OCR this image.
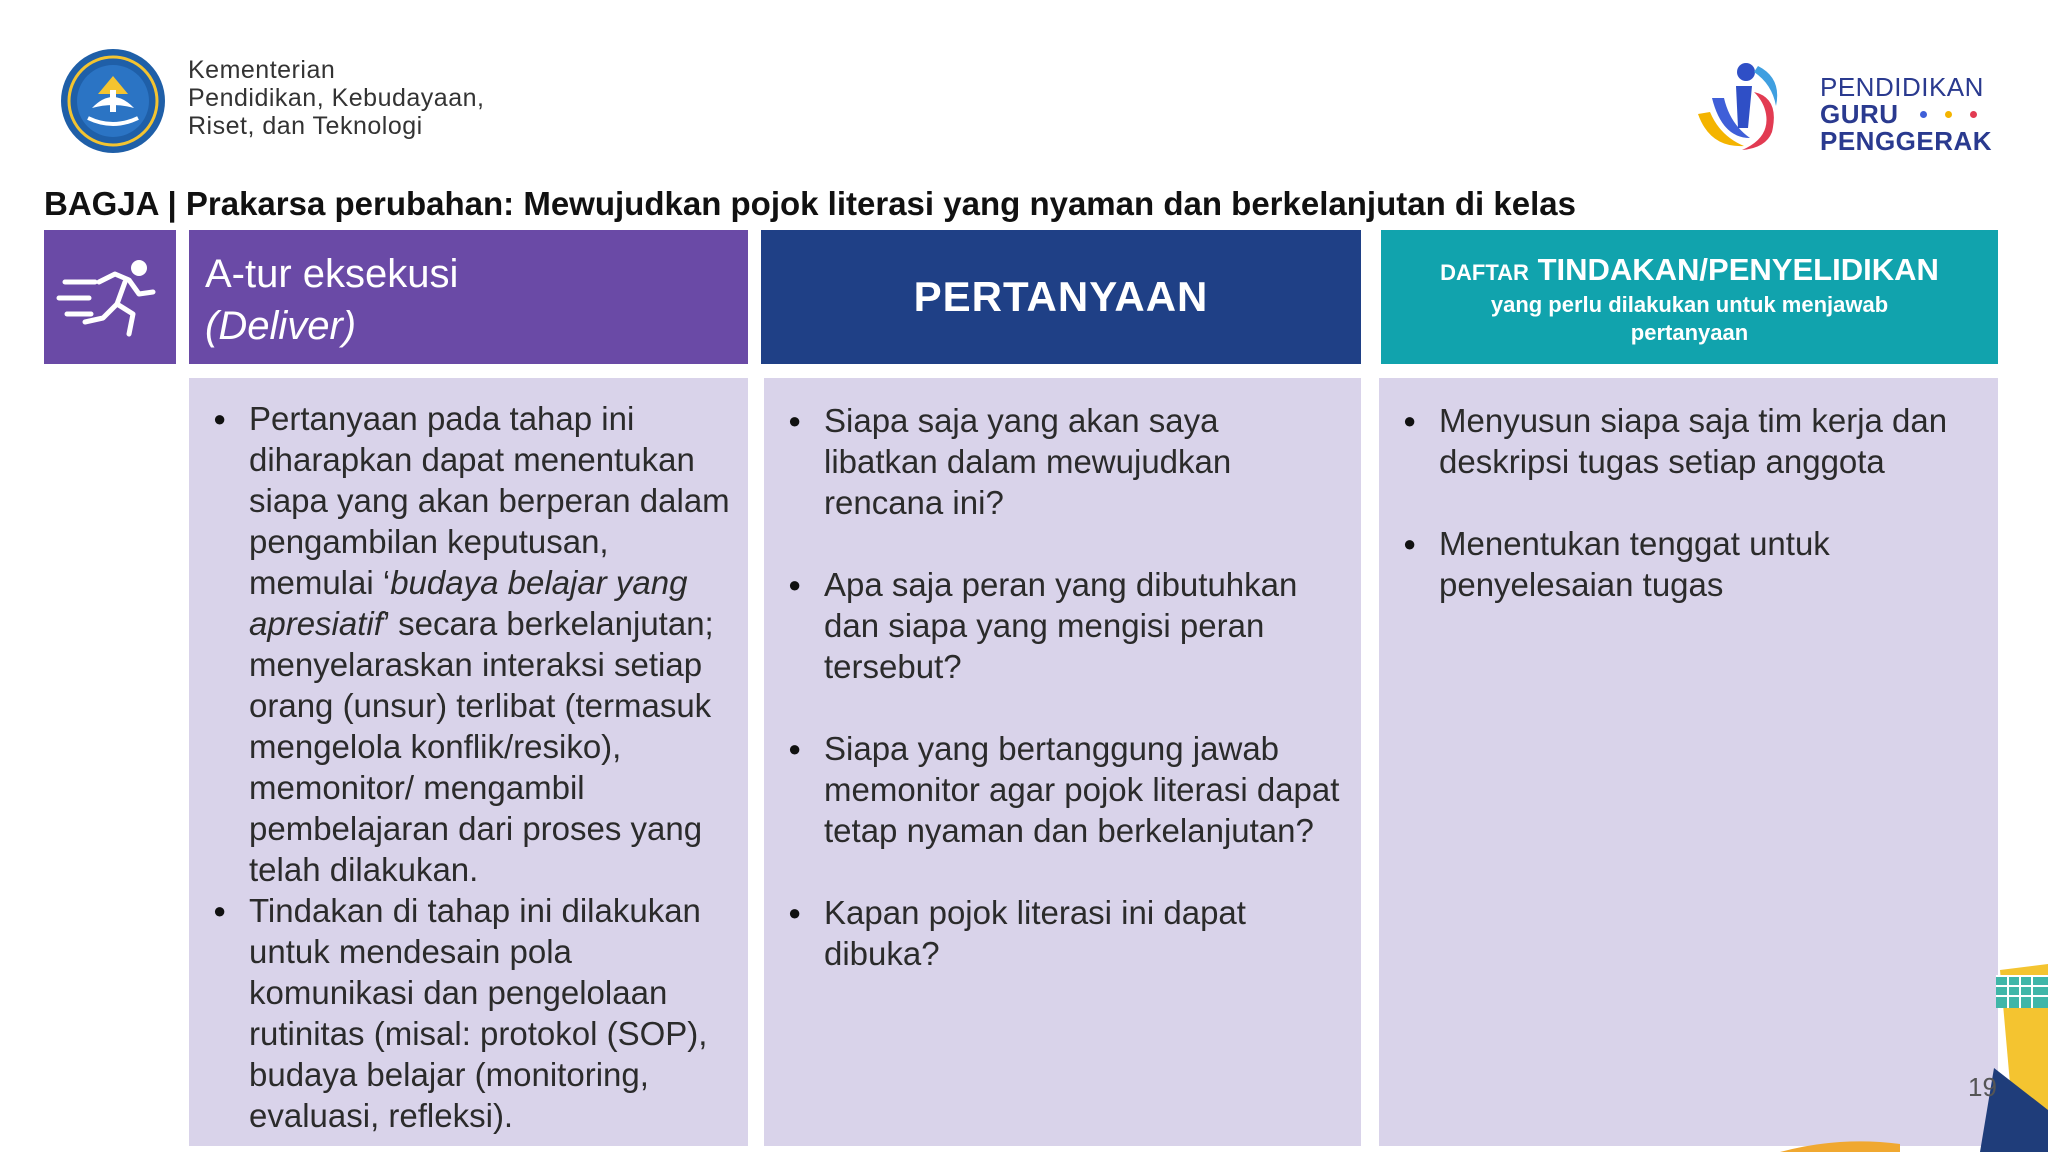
Kementerian
Pendidikan, Kebudayaan,
Riset, dan Teknologi
PENDIDIKAN
GURU
PENGGERAK
BAGJA | Prakarsa perubahan: Mewujudkan pojok literasi yang nyaman dan berkelanjutan di kelas
A-tur eksekusi
(Deliver)
PERTANYAAN
DAFTAR TINDAKAN/PENYELIDIKAN
yang perlu dilakukan untuk menjawab
pertanyaan
● Pertanyaan pada tahap ini diharapkan dapat menentukan siapa yang akan berperan dalam pengambilan keputusan, memulai ‘budaya belajar yang apresiatif’ secara berkelanjutan; menyelaraskan interaksi setiap orang (unsur) terlibat (termasuk mengelola konflik/resiko), memonitor/ mengambil pembelajaran dari proses yang telah dilakukan.
● Tindakan di tahap ini dilakukan untuk mendesain pola komunikasi dan pengelolaan rutinitas (misal: protokol (SOP), budaya belajar (monitoring, evaluasi, refleksi).
● Siapa saja yang akan saya libatkan dalam mewujudkan rencana ini?
● Apa saja peran yang dibutuhkan dan siapa yang mengisi peran tersebut?
● Siapa yang bertanggung jawab memonitor agar pojok literasi dapat tetap nyaman dan berkelanjutan?
● Kapan pojok literasi ini dapat dibuka?
● Menyusun siapa saja tim kerja dan deskripsi tugas setiap anggota
● Menentukan tenggat untuk penyelesaian tugas
19
